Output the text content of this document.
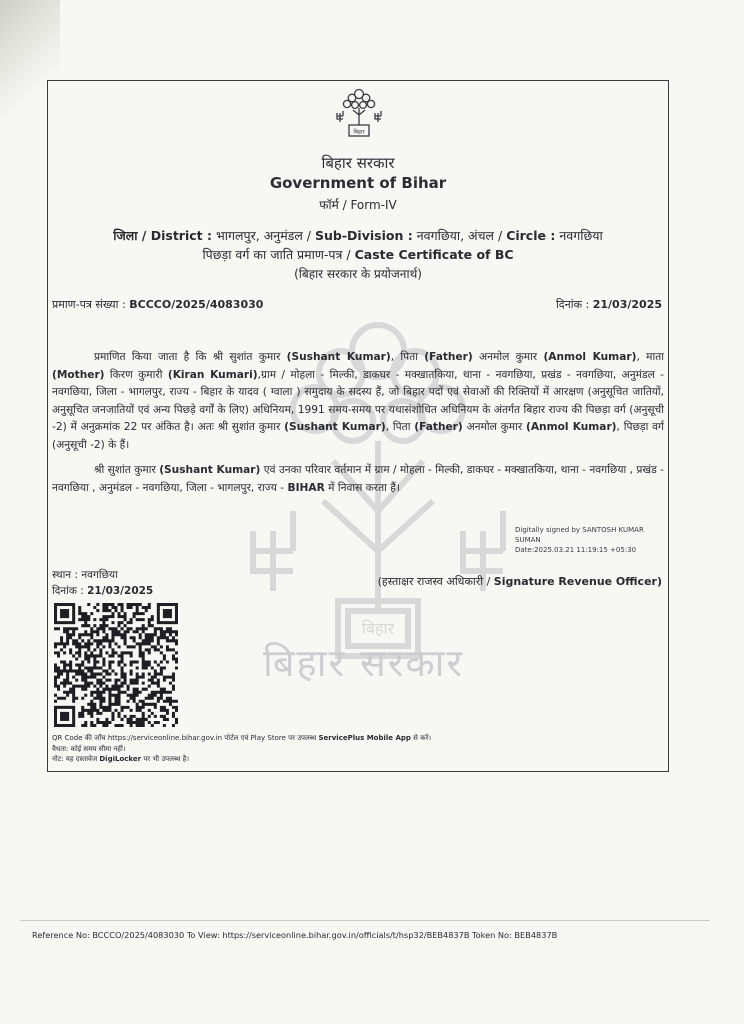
बिहार
बिहार सरकार
बिहार
बिहार सरकार
Government of Bihar
फॉर्म / Form-IV
जिला / District : भागलपुर, अनुमंडल / Sub-Division : नवगछिया, अंचल / Circle : नवगछिया
पिछड़ा वर्ग का जाति प्रमाण-पत्र / Caste Certificate of BC
(बिहार सरकार के प्रयोजनार्थ)
प्रमाण-पत्र संख्या : BCCCO/2025/4083030	दिनांक : 21/03/2025
प्रमाणित किया जाता है कि श्री सुशांत कुमार (Sushant Kumar), पिता (Father) अनमोल कुमार (Anmol Kumar), माता (Mother) किरण कुमारी (Kiran Kumari),ग्राम / मोहला - मिल्की, डाकघर - मक्खातकिया, थाना - नवगछिया, प्रखंड - नवगछिया, अनुमंडल - नवगछिया, जिला - भागलपुर, राज्य - बिहार के यादव ( ग्वाला ) समुदाय के सदस्य हैं, जो बिहार पदों एवं सेवाओं की रिक्तियों में आरक्षण (अनुसूचित जातियों, अनुसूचित जनजातियों एवं अन्य पिछड़े वर्गों के लिए) अधिनियम, 1991 समय-समय पर यथासंशोधित अधिनियम के अंतर्गत बिहार राज्य की पिछड़ा वर्ग (अनुसूची -2) में अनुक्रमांक 22 पर अंकित है। अतः श्री सुशांत कुमार (Sushant Kumar), पिता (Father) अनमोल कुमार (Anmol Kumar), पिछड़ा वर्ग (अनुसूची -2) के हैं।
श्री सुशांत कुमार (Sushant Kumar) एवं उनका परिवार वर्तमान में ग्राम / मोहला - मिल्की, डाकघर - मक्खातकिया, थाना - नवगछिया , प्रखंड - नवगछिया , अनुमंडल - नवगछिया, जिला - भागलपुर, राज्य - BIHAR में निवास करता हैं।
Digitally signed by SANTOSH KUMAR SUMAN
Date:2025.03.21 11:19:15 +05:30
स्थान : नवगछिया
दिनांक : 21/03/2025
(हस्ताक्षर राजस्व अधिकारी / Signature Revenue Officer)
QR Code की जाँच https://serviceonline.bihar.gov.in पोर्टल एवं Play Store पर उपलब्ध ServicePlus Mobile App से करें।
वैधता: कोई समय सीमा नहीं।
नोट: यह दस्तावेज DigiLocker पर भी उपलब्ध है।
Reference No: BCCCO/2025/4083030 To View: https://serviceonline.bihar.gov.in/officials/t/hsp32/BEB4837B Token No: BEB4837B
